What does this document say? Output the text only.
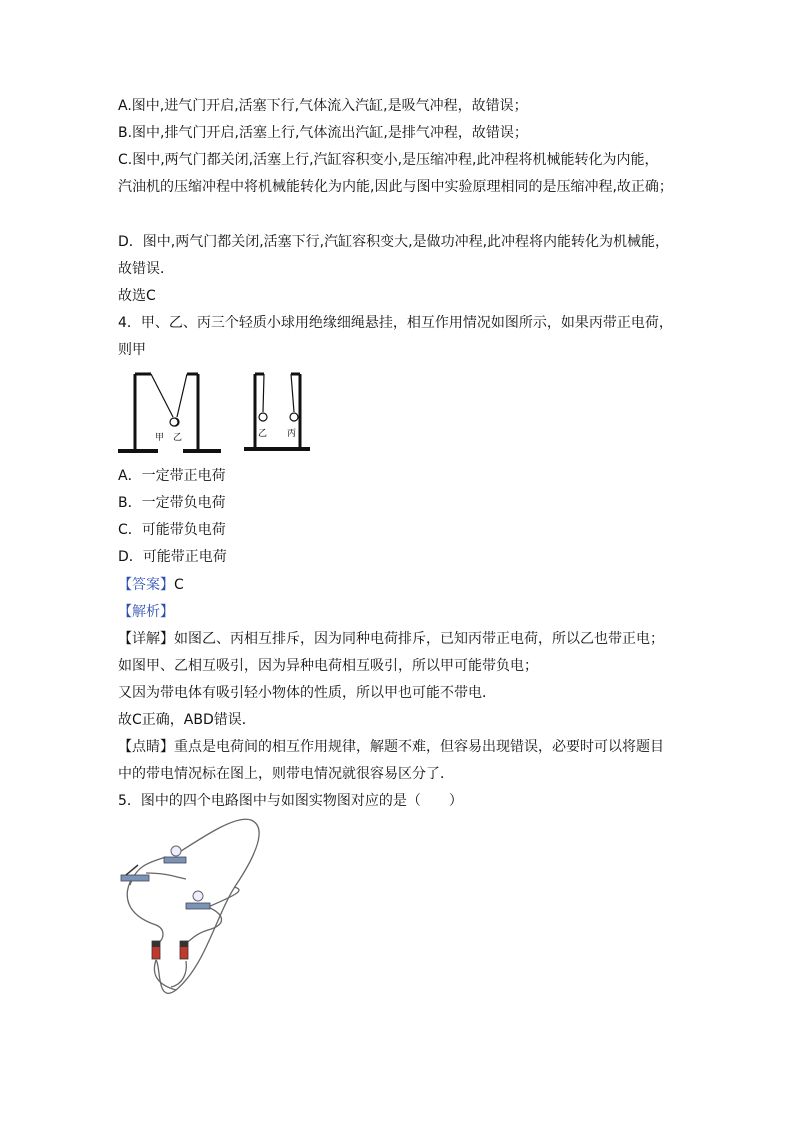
A.图中,进气门开启,活塞下行,气体流入汽缸,是吸气冲程，故错误；
B.图中,排气门开启,活塞上行,气体流出汽缸,是排气冲程，故错误；
C.图中,两气门都关闭,活塞上行,汽缸容积变小,是压缩冲程,此冲程将机械能转化为内能，
汽油机的压缩冲程中将机械能转化为内能,因此与图中实验原理相同的是压缩冲程,故正确；
D．图中,两气门都关闭,活塞下行,汽缸容积变大,是做功冲程,此冲程将内能转化为机械能，
故错误．
故选C
4．甲、乙、丙三个轻质小球用绝缘细绳悬挂，相互作用情况如图所示，如果丙带正电荷，
则甲
甲 乙	乙 丙
A．一定带正电荷
B．一定带负电荷
C．可能带负电荷
D．可能带正电荷
【答案】C
【解析】
【详解】如图乙、丙相互排斥，因为同种电荷排斥，已知丙带正电荷，所以乙也带正电；
如图甲、乙相互吸引，因为异种电荷相互吸引，所以甲可能带负电；
又因为带电体有吸引轻小物体的性质，所以甲也可能不带电．
故C正确，ABD错误．
【点睛】重点是电荷间的相互作用规律，解题不难，但容易出现错误，必要时可以将题目
中的带电情况标在图上，则带电情况就很容易区分了．
5．图中的四个电路图中与如图实物图对应的是（　　）
